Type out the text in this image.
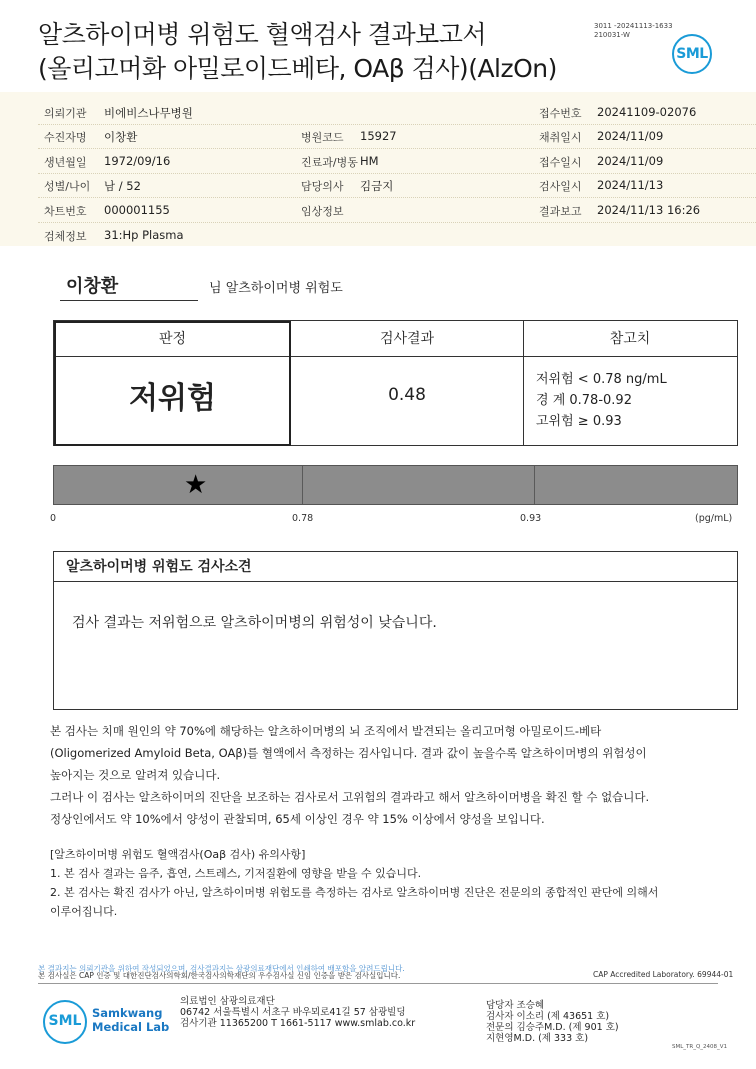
알츠하이머병 위험도 혈액검사 결과보고서
(올리고머화 아밀로이드베타, OAβ 검사)(AlzOn)
3011 -20241113-1633
210031-W
SML
의뢰기관 비에비스나무병원	접수번호 20241109-02076
수진자명 이창환	병원코드 15927	채취일시 2024/11/09
생년월일 1972/09/16	진료과/병동 HM	접수일시 2024/11/09
성별/나이 남 / 52	담당의사 김금지	검사일시 2024/11/13
차트번호 000001155	임상정보	결과보고 2024/11/13 16:26
검체정보 31:Hp Plasma
이창환	님 알츠하이머병 위험도
판정	검사결과	참고치
저위험	0.48
저위험 < 0.78 ng/mL
경 계 0.78-0.92
고위험 ≥ 0.93
★
0	0.78	0.93	(pg/mL)
알츠하이머병 위험도 검사소견
검사 결과는 저위험으로 알츠하이머병의 위험성이 낮습니다.
본 검사는 치매 원인의 약 70%에 해당하는 알츠하이머병의 뇌 조직에서 발견되는 올리고머형 아밀로이드-베타
(Oligomerized Amyloid Beta, OAβ)를 혈액에서 측정하는 검사입니다. 결과 값이 높을수록 알츠하이머병의 위험성이
높아지는 것으로 알려져 있습니다.
그러나 이 검사는 알츠하이머의 진단을 보조하는 검사로서 고위험의 결과라고 해서 알츠하이머병을 확진 할 수 없습니다.
정상인에서도 약 10%에서 양성이 관찰되며, 65세 이상인 경우 약 15% 이상에서 양성을 보입니다.
[알츠하이머병 위험도 혈액검사(Oaβ 검사) 유의사항]
1. 본 검사 결과는 음주, 흡연, 스트레스, 기저질환에 영향을 받을 수 있습니다.
2. 본 검사는 확진 검사가 아닌, 알츠하이머병 위험도를 측정하는 검사로 알츠하이머병 진단은 전문의의 종합적인 판단에 의해서
이루어집니다.
본 결과지는 의뢰기관을 위하여 작성되었으며, 검사결과지는 삼광의료재단에서 인쇄하여 배포함을 알려드립니다.
본 검사실은 CAP 인증 및 대한진단검사의학회/한국검사의학재단의 우수검사실 신임 인증을 받은 검사실입니다.	CAP Accredited Laboratory. 69944-01
SML Samkwang
Medical Lab
의료법인 삼광의료재단
06742 서울특별시 서초구 바우뫼로41길 57 삼광빌딩
검사기관 11365200 T 1661-5117 www.smlab.co.kr
담당자 조승혜
검사자 이소리 (제 43651 호)
전문의 김승주M.D. (제 901 호)
지현영M.D. (제 333 호)
SML_TR_Q_2408_V1
